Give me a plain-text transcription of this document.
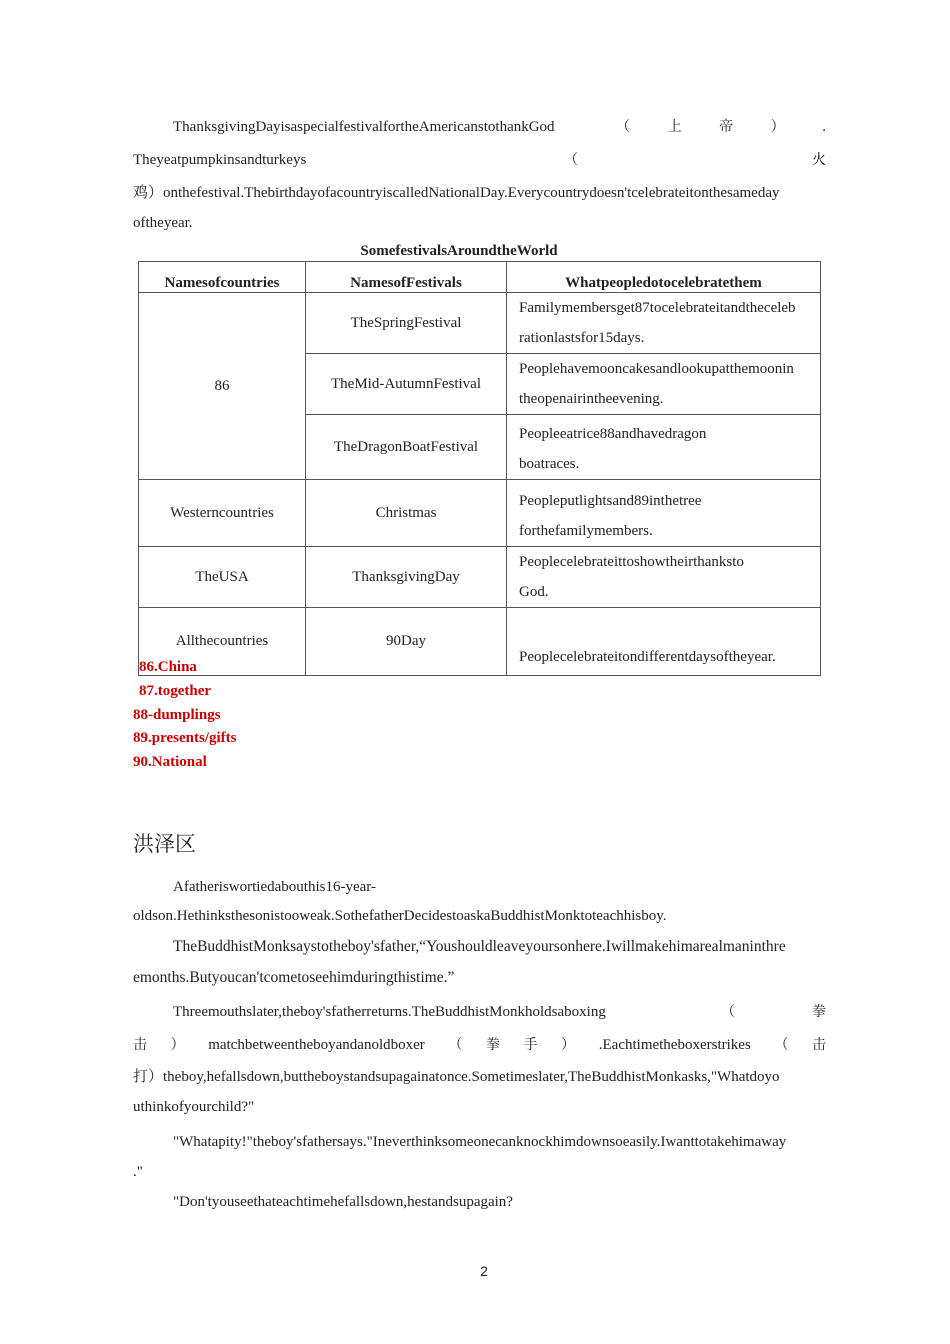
ThanksgivingDayisaspecialfestivalfortheAmericanstothankGod	（	上	帝	）	.
Theyeatpumpkinsandturkeys	（	火
鸡）onthefestival.ThebirthdayofacountryiscalledNationalDay.Everycountrydoesn'tcelebrateitonthesameday
oftheyear.
SomefestivalsAroundtheWorld
Namesofcountries	NamesofFestivals	Whatpeopledotocelebratethem
86	TheSpringFestival	Familymembersget87tocelebrateitandtheceleb
rationlastsfor15days.

	TheMid-AutumnFestival	Peoplehavemooncakesandlookupatthemoonin
theopenairintheevening.

	TheDragonBoatFestival	Peopleeatrice88andhavedragon
boatraces.

Westerncountries	Christmas	Peopleputlightsand89inthetree
forthefamilymembers.

TheUSA	ThanksgivingDay	Peoplecelebrateittoshowtheirthanksto
God.

Allthecountries	90Day	Peoplecelebrateitondifferentdaysoftheyear.
86.China
87.together
88-dumplings
89.presents/gifts
90.National
洪泽区
Afatheriswortiedabouthis16-year-
oldson.Hethinksthesonistooweak.SothefatherDecidestoaskaBuddhistMonktoteachhisboy.
TheBuddhistMonksaystotheboy'sfather,“Youshouldleaveyoursonhere.Iwillmakehimarealmaninthre
emonths.Butyoucan'tcometoseehimduringthistime.”
Threemouthslater,theboy'sfatherreturns.TheBuddhistMonkholdsaboxing	（	拳
击 ） matchbetweentheboyandanoldboxer （ 拳 手 ） .Eachtimetheboxerstrikes （ 击
打）theboy,hefallsdown,buttheboystandsupagainatonce.Sometimeslater,TheBuddhistMonkasks,"Whatdoyo
uthinkofyourchild?"
"Whatapity!"theboy'sfathersays."Ineverthinksomeonecanknockhimdownsoeasily.Iwanttotakehimaway
."
"Don'tyouseethateachtimehefallsdown,hestandsupagain?
2
